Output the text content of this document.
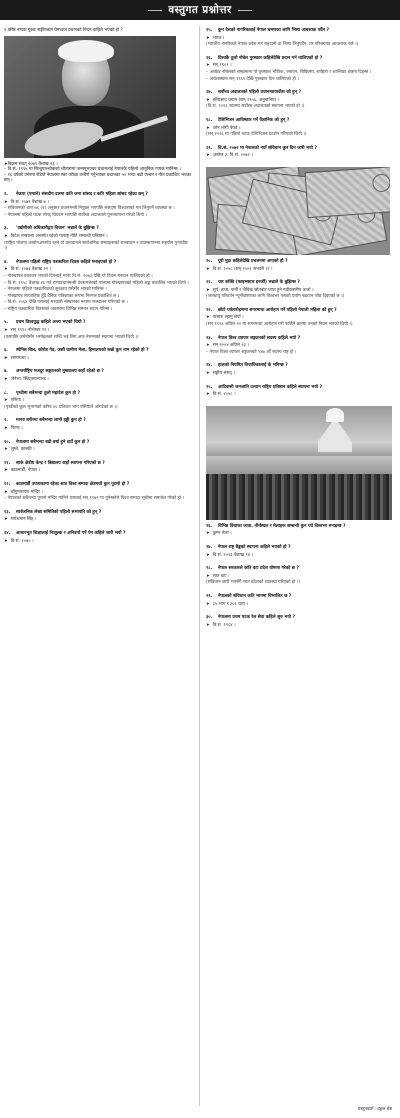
वस्तुगत प्रश्नोत्तर
१.वरिष्ठ नायक गुरुङ सङ्गीतकार प्रेमध्वज प्रधानको निधन कहिले भएको हो ?
➤विक्रम संवत् २०७९ वैशाख २३ ।
– वि.सं. १९९५ मा सिन्धुपाल्चोकको चौतारामा जन्मनुभएका प्रधानलाई नेपालकै पहिलो आधुनिक गायक मानिन्छ ।
– १६ वर्षको उमेरमा रेडियो नेपालमा स्वर परीक्षा उत्तीर्ण गर्नुभएका प्रधानका ५० भन्दा बढी एल्बम र गीत प्रकाशित भएका छन् ।
२.	नेकपा (एमाले) संसदीय दलमा कति जना सांसद र कति महिला सांसद रहेका छन् ?
➤ वि.सं. २०७९ वैशाख ७ ।
– संविधानको धारा ७६ (२) अनुसार प्रधानमन्त्री नियुक्त भएपछि संसद्‌मा विश्वासको मत लिनुपर्ने व्यवस्था छ ।
– नेपालमा पहिलो पटक संसद् विघटन भएपछि सर्वोच्च अदालतले पुनःस्थापना गरेको थियो ।
३.	'उद्योगीको अधिकारीद्वय विधान' भन्नाले के बुझिन्छ ?
➤ विदेश मन्त्रालय अन्तर्गत रहेको परराष्ट्र नीति सम्बन्धी प्रतिष्ठान ।
(राष्ट्रिय योजना आयोगअन्तर्गत रहने यो प्रावधानले सार्वजनिक संस्थाहरूको सञ्चालन र व्यवस्थापनमा सहयोग पुर्‍याउँछ ।)
४.	नेपालमा पहिलो राष्ट्रिय पत्रकारिता दिवस कहिले मनाइएको हो ?
➤ वि.सं. २०७३ वैशाख २२ ।
– गोरखापत्र प्रकाशन भएको दिनलाई मानेर वि.सं. २०७३ देखि यो दिवस मनाउन थालिएको हो ।
– वि.सं. १९५८ वैशाख २४ गते राणाप्रधानमन्त्री देवशमशेरको पालामा गोरखापत्रको पहिलो अङ्क प्रकाशित भएको थियो ।
– नेपालमा पहिलो पत्रकारिताको सुरुवात यसैसँग भएको मानिन्छ ।
– गोरखापत्र साप्ताहिक हुँदै दैनिक पत्रिकाका रूपमा निरन्तर प्रकाशित छ ।
– वि.सं. २०६४ देखि यसलाई सरकारी संस्थानका रूपमा सञ्चालन गरिएको छ ।
– राष्ट्रिय पत्रकारिता दिवसको अवसरमा विभिन्न सम्मान प्रदान गरिन्छ ।
५.	प्रथम विश्वयुद्ध कहिले अन्त्य भएको थियो ?
➤ सन् १९१८ नोभेम्बर ११ ।
(यसपछि जर्मनीसँग भर्साइलको सन्धि भई लिग अफ नेसन्सको स्थापना भएको थियो ।)
६.	स्पेनिस बिल, कोरोड गेड, जस्तै ग्रामीण मेला, हिमालयको कन्नो कुन नाम रहेको हो ?
➤ सगरमाथा ।
७.	अन्तर्राष्ट्रिय मजदुर सङ्गठनको मुख्यालय कहाँ रहेको छ ?
➤ जेनेभा, स्विट्जरल्यान्ड ।
८.	पृथ्वीमा सबैभन्दा ठूलो महादेश कुन हो ?
➤ एसिया ।
(पृथ्वीको कुल भूभागको करिब ३० प्रतिशत भाग एसियाले ओगटेको छ ।)
९.	मानव शरीरमा सबैभन्दा लामो हड्डी कुन हो ?
➤ फिमर ।
१०.	नेपालमा सबैभन्दा बढी वर्षा हुने ठाउँ कुन हो ?
➤ लुम्ले, कास्की ।
११.	सार्क क्षेत्रीय केन्द्र र विद्यालय कहाँ स्थापना गरिएको छ ?
➤ काठमाडौं, नेपाल ।
१२.	काठमाडौं उपत्यकामा रहेका सात विश्व सम्पदा क्षेत्रमध्ये कुन पुरानो हो ?
➤ चाँगुनारायण मन्दिर ।
– नेपालको सबैभन्दा पुरानो मन्दिर मानिने यसलाई सन् १९७९ मा युनेस्कोले विश्व सम्पदा सूचीमा समावेश गरेको हो ।
१३.	सार्वजनिक लेखा समितिको पहिलो सभापति को हुन् ?
➤ गणेशमान सिंह ।
१४.	आधारभूत शिक्षालाई निःशुल्क र अनिवार्य गर्ने ऐन कहिले जारी भयो ?
➤ वि.सं. २०७५ ।
१५.	कुन देशको नागरिकलाई नेपाल भ्रमणका लागि भिसा आवश्यक पर्दैन ?
➤ भारत ।
(भारतीय नागरिकले नेपाल प्रवेश गर्न राहदानी वा भिसा लिनुपर्दैन, तर परिचयपत्र आवश्यक पर्छ ।)
१६.	विश्वकै ठूलो नोबेल पुरस्कार कहिलेदेखि प्रदान गर्न थालिएको हो ?
➤ सन् १९०१ ।
– अल्फ्रेड नोबेलको सम्झनामा यो पुरस्कार भौतिक, रसायन, चिकित्सा, साहित्य र शान्तिका क्षेत्रमा दिइन्छ ।
– अर्थशास्त्रमा सन् १९६९ देखि पुरस्कार दिन थालिएको हो ।
१७.	सर्वोच्च अदालतको पहिलो प्रधानन्यायाधीश को हुन् ?
➤ हरिप्रसाद प्रधान (सन् १९५६, अनुमानित) ।
(वि.सं. २०१३ सालमा सर्वोच्च अदालतको स्थापना भएको हो ।)
१८.	टेलिभिजन आविष्कार गर्ने वैज्ञानिक को हुन् ?
➤ जोन लोगी बेयर्ड ।
(सन् १९२६ मा पहिलो पटक टेलिभिजन प्रदर्शन गरिएको थियो ।)
१९.	वि.सं. २०७२ मा नेपालको नयाँ संविधान कुन दिन जारी भयो ?
➤ असोज ३, वि.सं. २०७२ ।
२०.	युरो मुद्रा कहिलेदेखि प्रचलनमा आएको हो ?
➤ वि.सं. २०५८ (सन् २००२ जनवरी १) ।
२१.	चार शक्ति (फाइभस्टार इनर्जी) भन्नाले के बुझिन्छ ?
➤ सूर्य, हावा, पानी र जैविक स्रोतबाट प्राप्त हुने नवीकरणीय ऊर्जा ।
(जलवायु परिवर्तन न्यूनीकरणका लागि विश्वभर यसको प्रयोग बढाउन जोड दिइएको छ ।)
२२.	छोटो पर्वतारोहणमा सगरमाथा आरोहण गर्ने पहिलो नेपाली महिला को हुन् ?
➤ पासाङ ल्हामु शेर्पा ।
(सन् १९९३ अप्रिल २२ मा सगरमाथा आरोहण गरी फर्किने क्रममा उनको निधन भएको थियो ।)
२३.	नेपाल विश्व व्यापार सङ्गठनको सदस्य कहिले भयो ?
➤ सन् २००४ अप्रिल २३ ।
– नेपाल विश्व व्यापार सङ्गठनको १४७ औँ सदस्य राष्ट्र हो ।
२४.	हालको नियमित विधायिकालाई के भनिन्छ ?
➤ सङ्घीय संसद् ।
२५.	आदिवासी जनजाति उत्थान राष्ट्रिय प्रतिष्ठान कहिले स्थापना भयो ?
➤ वि.सं. २०५८ ।
२६.	विभिन्न विधाका जात्रा, तीर्थस्थल र मेलाहरू सम्बन्धी कुन पर्व विश्वभर मनाइन्छ ?
➤ कुम्भ मेला ।
२७.	नेपाल राष्ट्र बैङ्कको स्थापना कहिले भएको हो ?
➤ वि.सं. २०१३ वैशाख १४ ।
२८.	नेपाल सरकारले कति वटा प्रदेश घोषणा गरेको छ ?
➤ सात वटा ।
(संविधान जारी भएसँगै सात प्रदेशको व्यवस्था गरिएको हो ।)
२९.	नेपालको संविधान कति भागमा विभाजित छ ?
➤ ३५ भाग र ३०८ धारा ।
३०.	नेपालमा प्रथम पटक रेल सेवा कहिले सुरु भयो ?
➤ वि.सं. १९८४ ।
प्रस्तुतकर्ता : दङ्गल श्रेष्ठ
